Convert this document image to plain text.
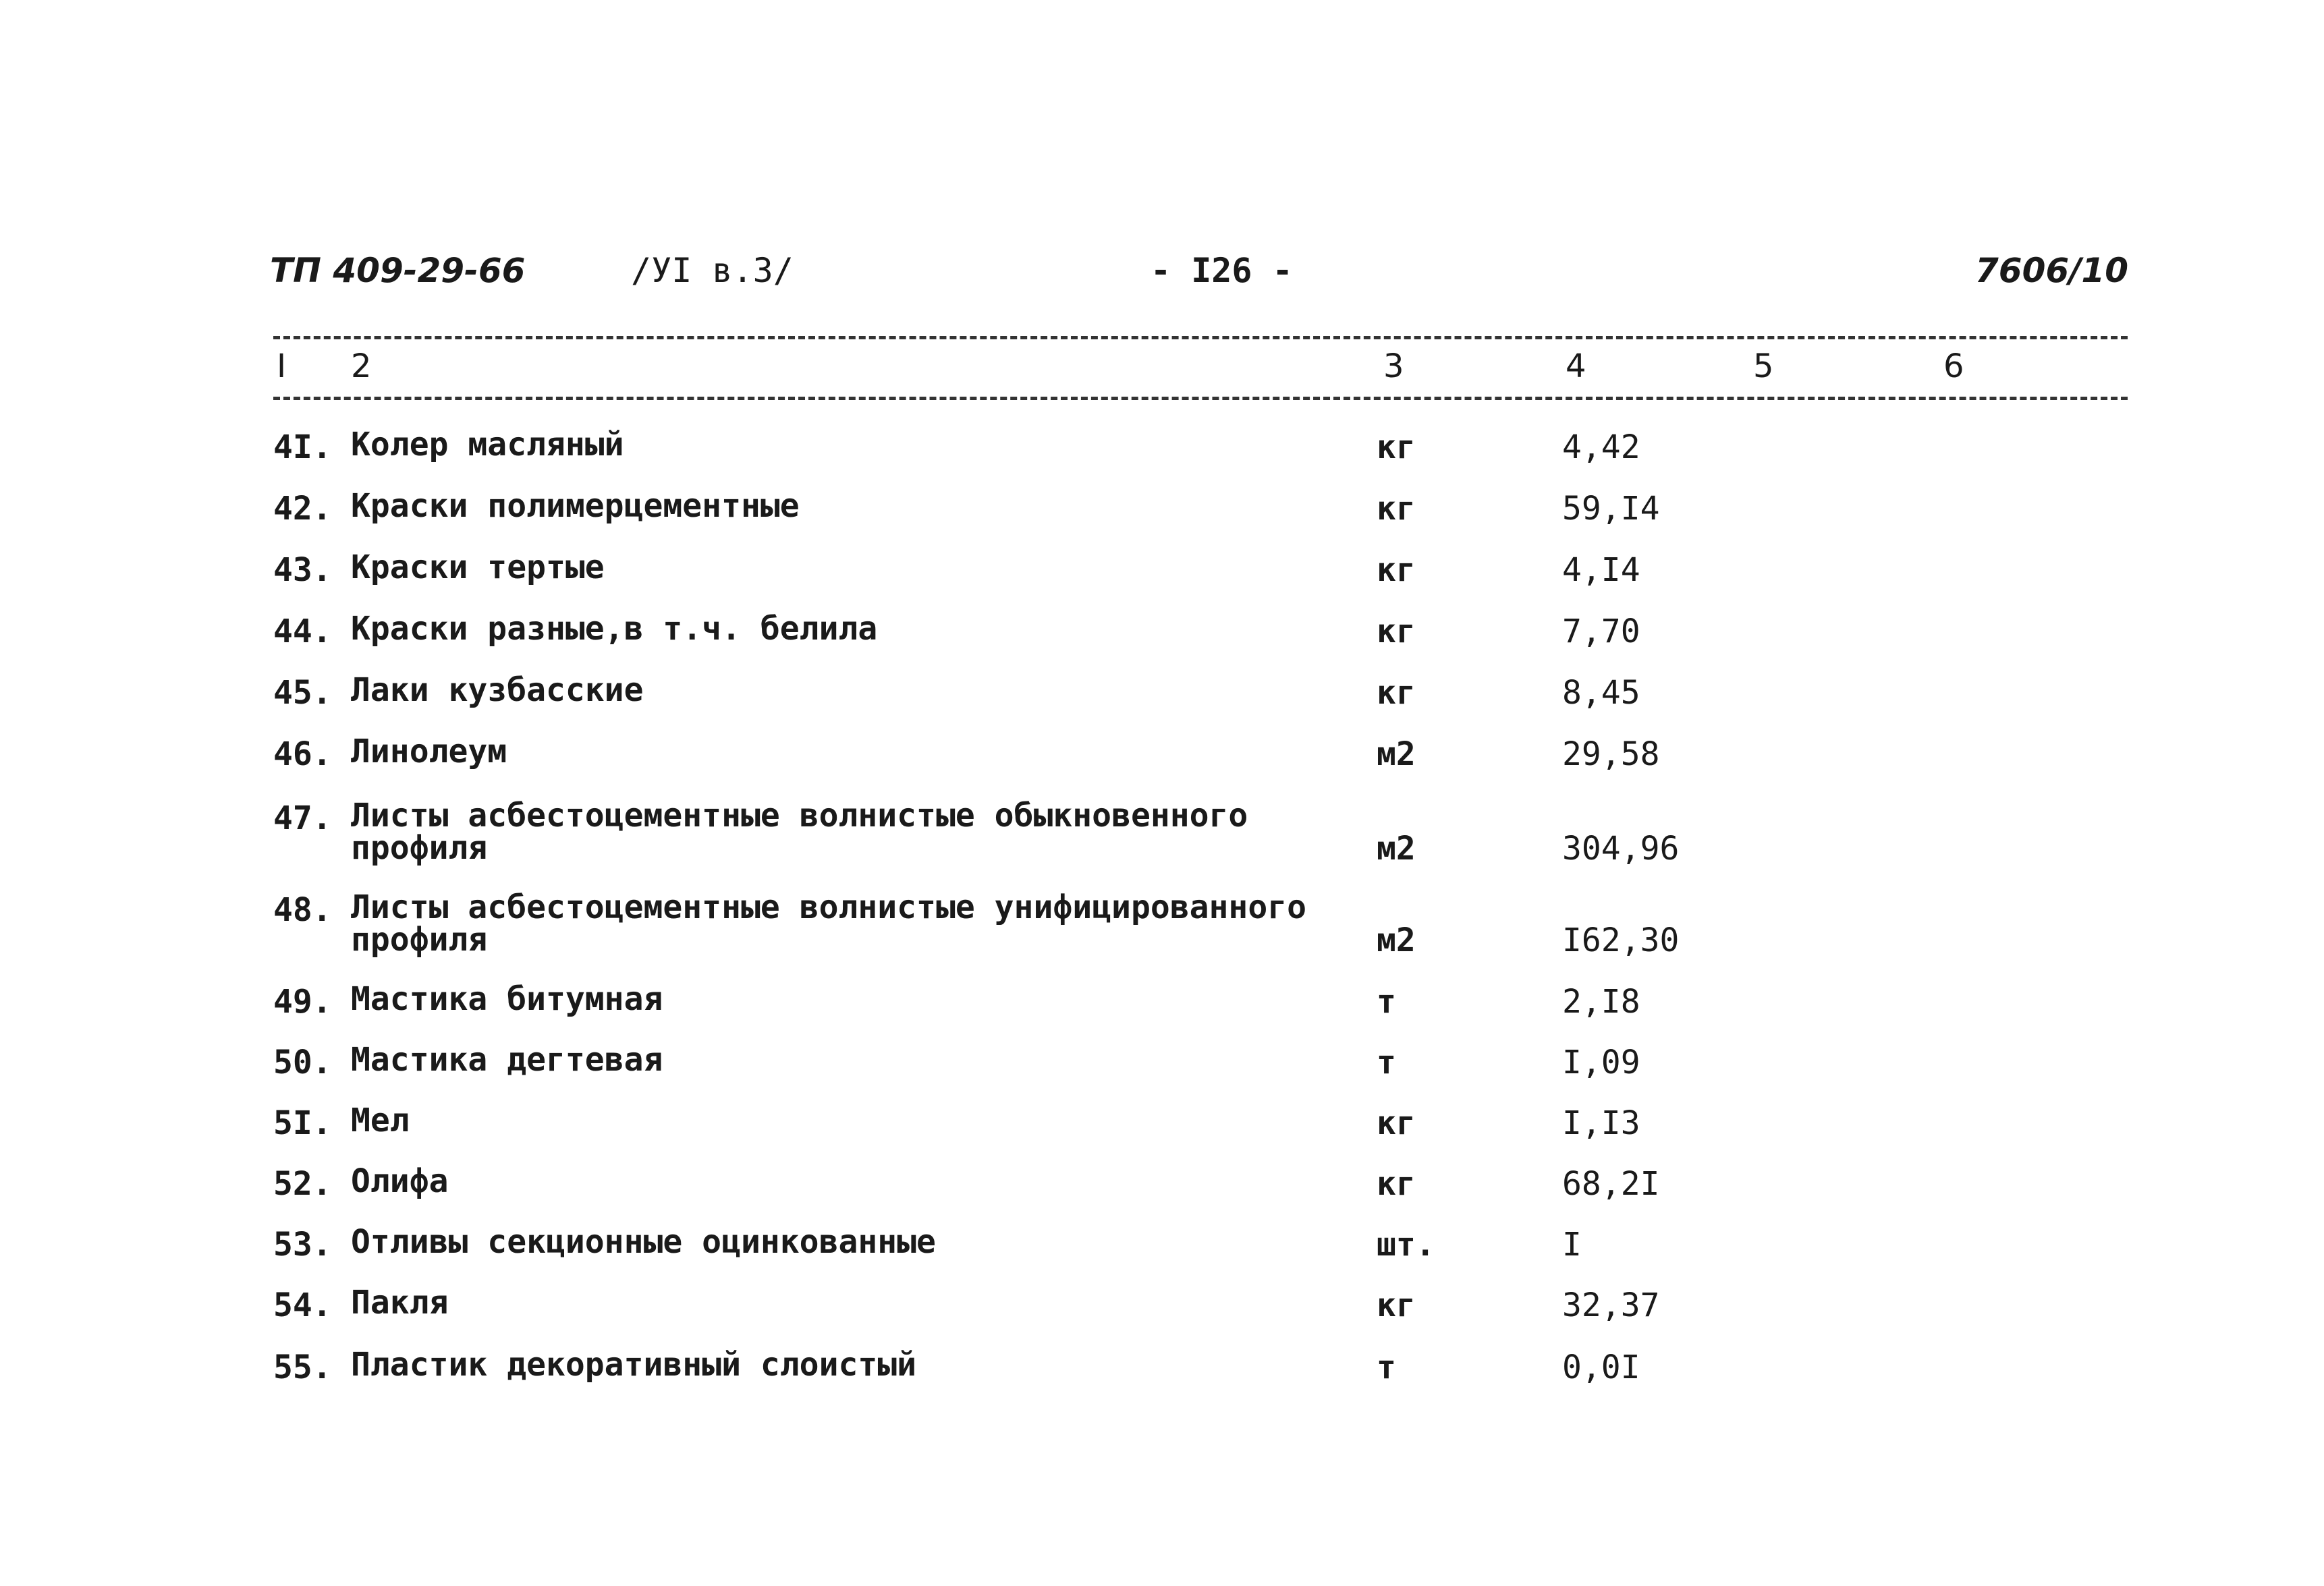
ТП 409-29-66	/УI в.3/	- I26 -	7606/10
I 2	3	4	5	6
4I. Колер масляный	кг	4,42
42. Краски полимерцементные	кг	59,I4
43. Краски тертые	кг	4,I4
44. Краски разные,в т.ч. белила	кг	7,70
45. Лаки кузбасские	кг	8,45
46. Линолеум	м2	29,58
47. Листы асбестоцементные волнистые обыкновенного
профиля	м2	304,96
48. Листы асбестоцементные волнистые унифицированного
профиля	м2	I62,30
49. Мастика битумная	т	2,I8
50. Мастика дегтевая	т	I,09
5I. Мел	кг	I,I3
52. Олифа	кг	68,2I
53. Отливы секционные оцинкованные	шт.	I
54. Пакля	кг	32,37
55. Пластик декоративный слоистый	т	0,0I
